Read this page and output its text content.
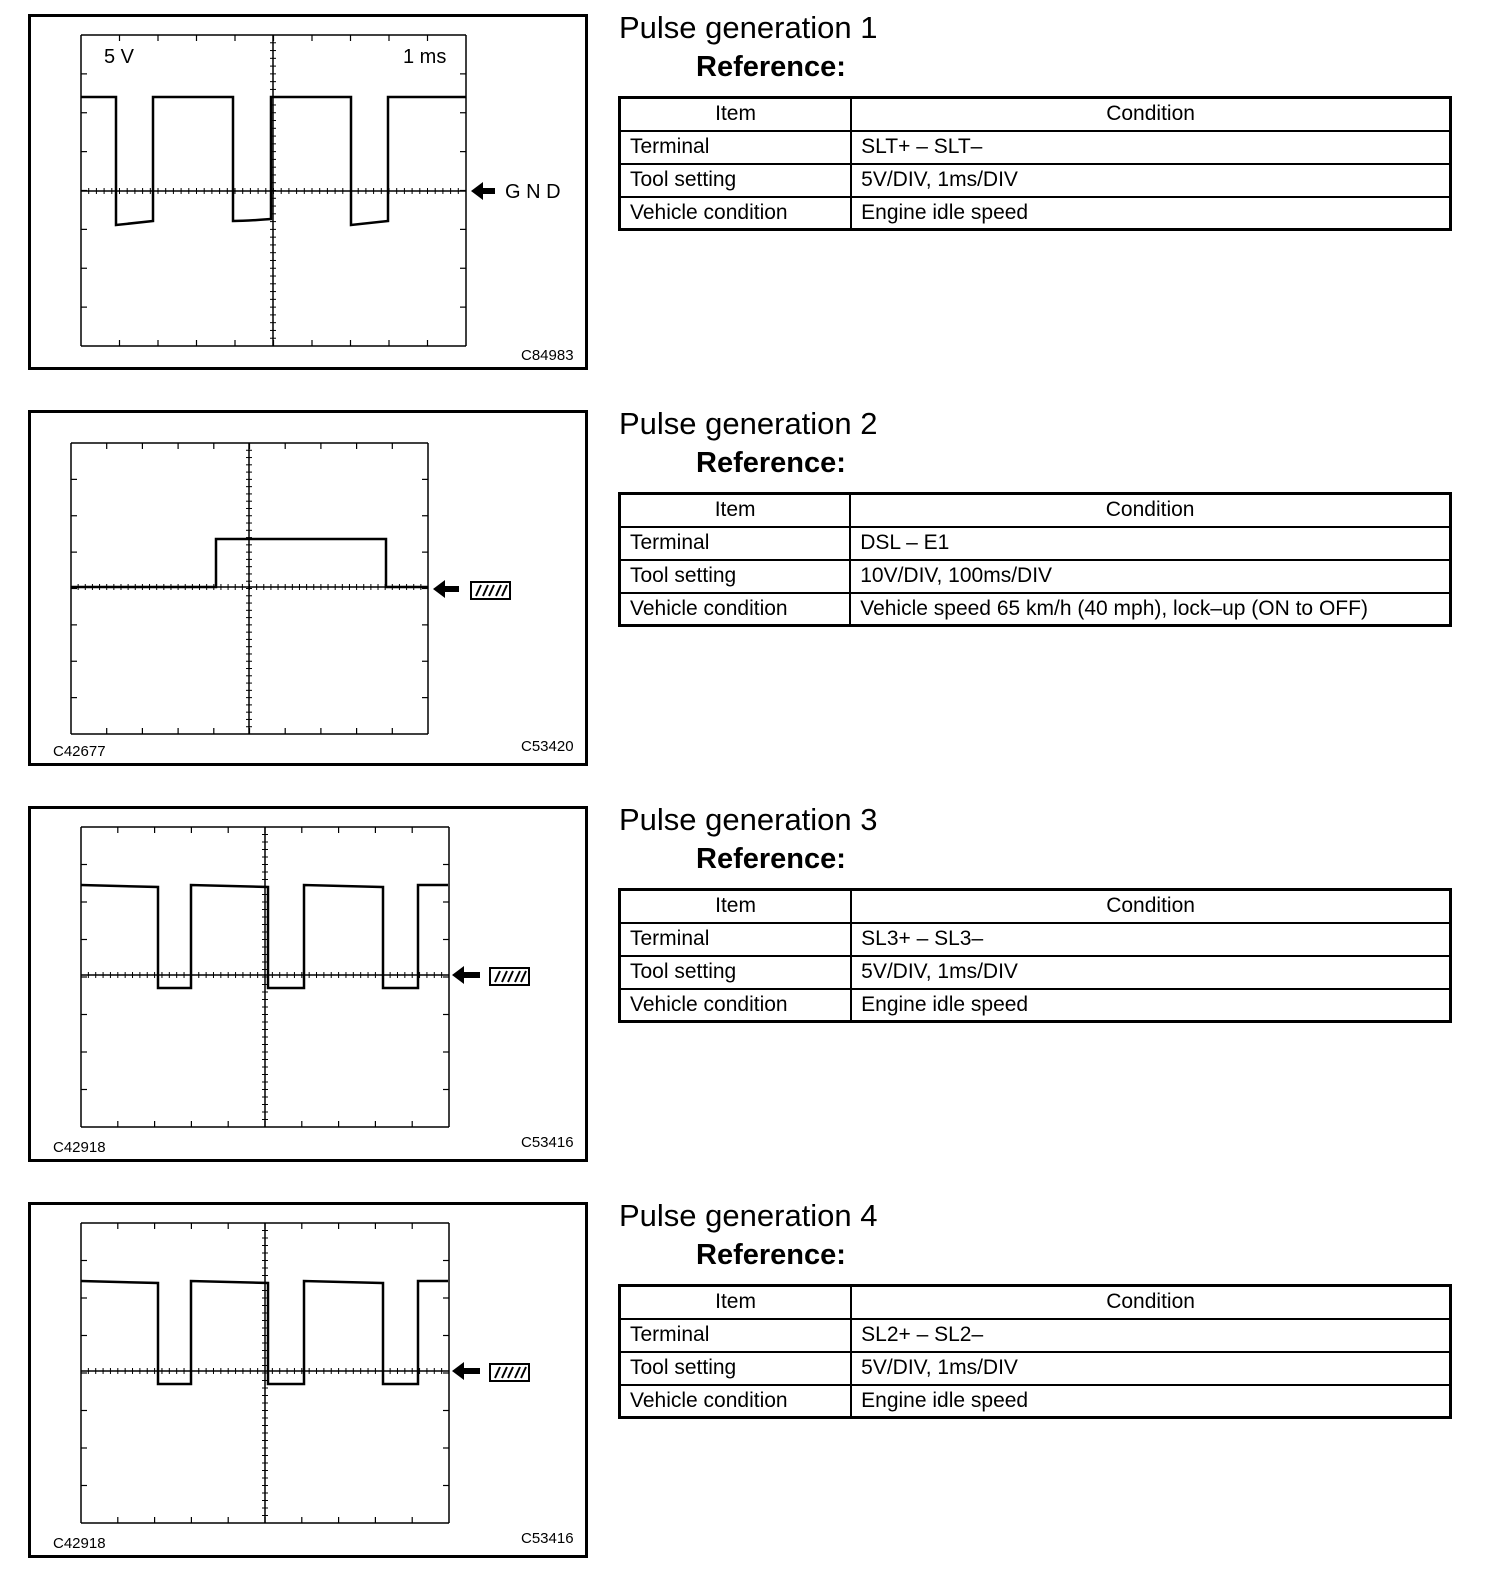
5 V	1 ms
G N D
C84983
Pulse generation 1
Reference:
Item	Condition
Terminal	SLT+ – SLT–
Tool setting	5V/DIV, 1ms/DIV
Vehicle condition	Engine idle speed
C42677	C53420
Pulse generation 2
Reference:
Item	Condition
Terminal	DSL – E1
Tool setting	10V/DIV, 100ms/DIV
Vehicle condition	Vehicle speed 65 km/h (40 mph), lock–up (ON to OFF)
C42918	C53416
Pulse generation 3
Reference:
Item	Condition
Terminal	SL3+ – SL3–
Tool setting	5V/DIV, 1ms/DIV
Vehicle condition	Engine idle speed
C42918	C53416
Pulse generation 4
Reference:
Item	Condition
Terminal	SL2+ – SL2–
Tool setting	5V/DIV, 1ms/DIV
Vehicle condition	Engine idle speed
